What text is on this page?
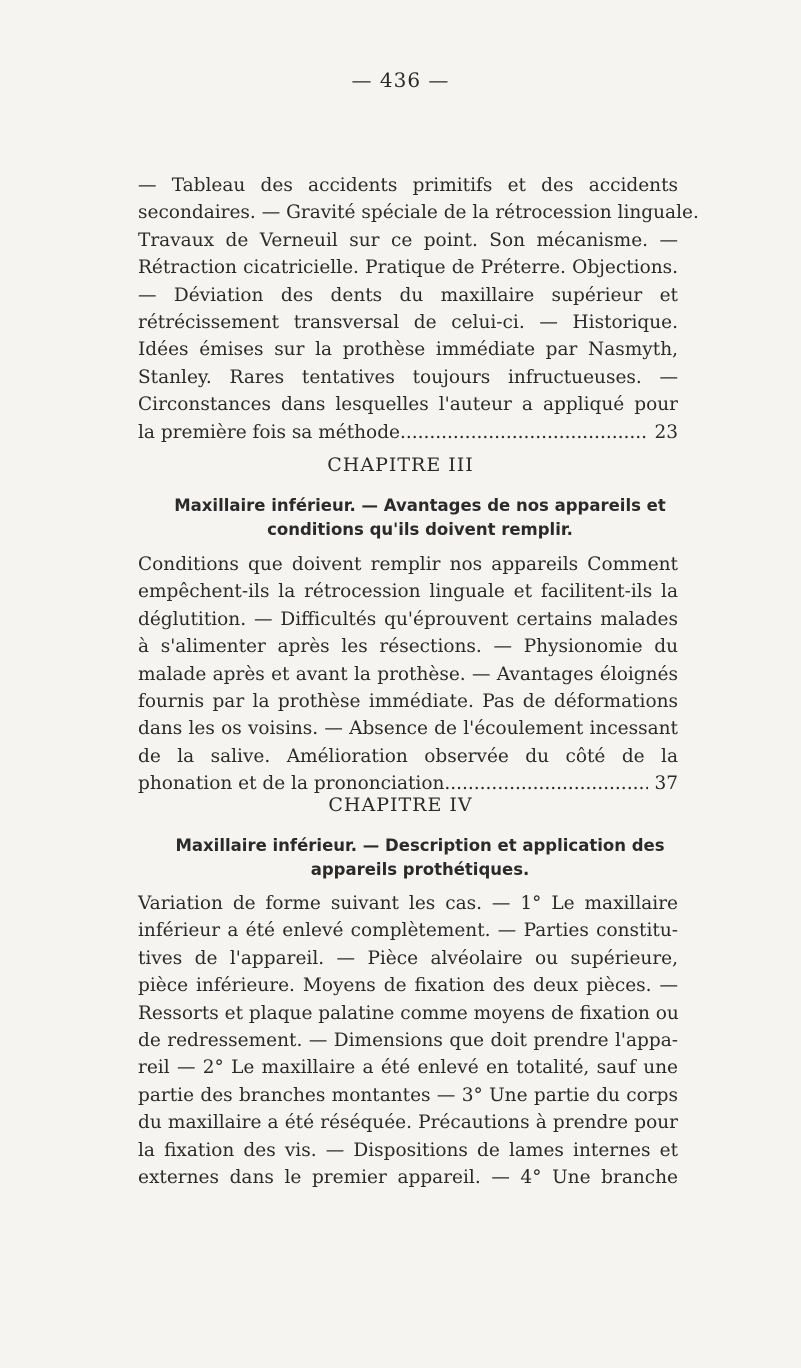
— 436 —
— Tableau des accidents primitifs et des accidents
secondaires. — Gravité spéciale de la rétrocession linguale.
Travaux de Verneuil sur ce point. Son mécanisme. —
Rétraction cicatricielle. Pratique de Préterre. Objections.
— Déviation des dents du maxillaire supérieur et
rétrécissement transversal de celui-ci. — Historique.
Idées émises sur la prothèse immédiate par Nasmyth,
Stanley. Rares tentatives toujours infructueuses. —
Circonstances dans lesquelles l'auteur a appliqué pour
la première fois sa méthode .....	23
CHAPITRE III
Maxillaire inférieur. — Avantages de nos appareils et
conditions qu'ils doivent remplir.
Conditions que doivent remplir nos appareils Comment
empêchent-ils la rétrocession linguale et facilitent-ils la
déglutition. — Difficultés qu'éprouvent certains malades
à s'alimenter après les résections. — Physionomie du
malade après et avant la prothèse. — Avantages éloignés
fournis par la prothèse immédiate. Pas de déformations
dans les os voisins. — Absence de l'écoulement incessant
de la salive. Amélioration observée du côté de la
phonation et de la prononciation .....	37
CHAPITRE IV
Maxillaire inférieur. — Description et application des
appareils prothétiques.
Variation de forme suivant les cas. — 1° Le maxillaire
inférieur a été enlevé complètement. — Parties constitu-
tives de l'appareil. — Pièce alvéolaire ou supérieure,
pièce inférieure. Moyens de fixation des deux pièces. —
Ressorts et plaque palatine comme moyens de fixation ou
de redressement. — Dimensions que doit prendre l'appa-
reil — 2° Le maxillaire a été enlevé en totalité, sauf une
partie des branches montantes — 3° Une partie du corps
du maxillaire a été réséquée. Précautions à prendre pour
la fixation des vis. — Dispositions de lames internes et
externes dans le premier appareil. — 4° Une branche
